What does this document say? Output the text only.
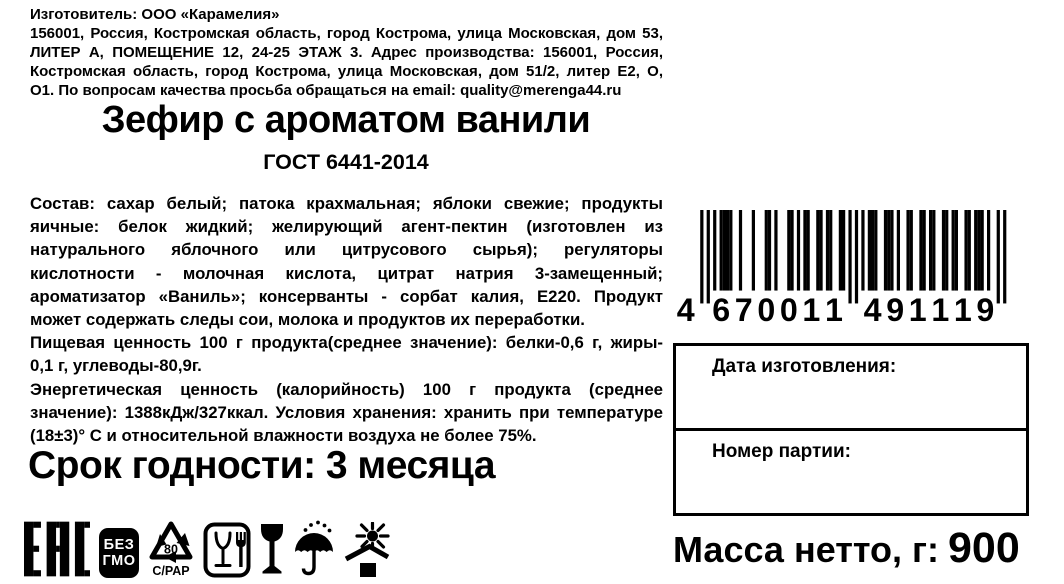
Изготовитель: ООО «Карамелия»
156001, Россия, Костромская область, город Кострома, улица Московская, дом 53,
ЛИТЕР А, ПОМЕЩЕНИЕ 12, 24-25 ЭТАЖ 3. Адрес производства: 156001, Россия,
Костромская область, город Кострома, улица Московская, дом 51/2, литер Е2, О,
О1. По вопросам качества просьба обращаться на email: quality@merenga44.ru
Зефир с ароматом ванили
ГОСТ 6441-2014
Состав: сахар белый; патока крахмальная; яблоки свежие; продукты
яичные: белок жидкий; желирующий агент-пектин (изготовлен из
натурального яблочного или цитрусового сырья); регуляторы
кислотности - молочная кислота, цитрат натрия 3-замещенный;
ароматизатор «Ваниль»; консерванты - сорбат калия, Е220. Продукт
может содержать следы сои, молока и продуктов их переработки.
Пищевая ценность 100 г продукта(среднее значение): белки-0,6 г, жиры-
0,1 г, углеводы-80,9г.
Энергетическая ценность (калорийность) 100 г продукта (среднее
значение): 1388кДж/327ккал. Условия хранения: хранить при температуре
(18±3)° С и относительной влажности воздуха не более 75%.
Срок годности: 3 месяца
БЕЗ
ГМО
80
C/PAP
4 6 7 0 0 1 1 4 9 1 1 1 9
Дата изготовления:
Номер партии:
Масса нетто, г: 900
